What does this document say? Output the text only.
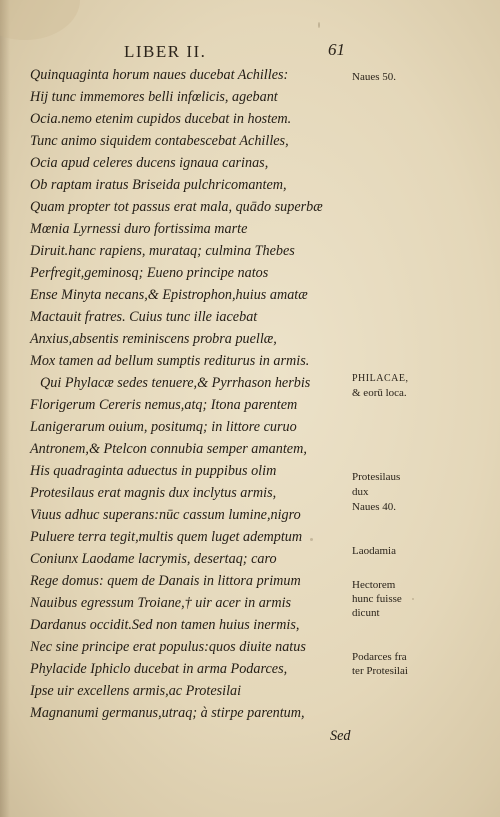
LIBER II.	61
Quinquaginta horum naues ducebat Achilles:
Hij tunc immemores belli infœlicis, agebant
Ocia.nemo etenim cupidos ducebat in hostem.
Tunc animo siquidem contabescebat Achilles,
Ocia apud celeres ducens ignaua carinas,
Ob raptam iratus Briseida pulchricomantem,
Quam propter tot passus erat mala, quādo superbæ
Mœnia Lyrnessi duro fortissima marte
Diruit.hanc rapiens, murataq; culmina Thebes
Perfregit,geminosq; Eueno principe natos
Ense Minyta necans,& Epistrophon,huius amatæ
Mactauit fratres. Cuius tunc ille iacebat
Anxius,absentis reminiscens probra puellæ,
Mox tamen ad bellum sumptis rediturus in armis.
Qui Phylacæ sedes tenuere,& Pyrrhason herbis
Florigerum Cereris nemus,atq; Itona parentem
Lanigerarum ouium, positumq; in littore curuo
Antronem,& Ptelcon connubia semper amantem,
His quadraginta aduectus in puppibus olim
Protesilaus erat magnis dux inclytus armis,
Viuus adhuc superans:nūc cassum lumine,nigro
Puluere terra tegit,multis quem luget ademptum
Coniunx Laodame lacrymis, desertaq; caro
Rege domus: quem de Danais in littora primum
Nauibus egressum Troiane,† uir acer in armis
Dardanus occidit.Sed non tamen huius inermis,
Nec sine principe erat populus:quos diuite natus
Phylacide Iphiclo ducebat in arma Podarces,
Ipse uir excellens armis,ac Protesilai
Magnanumi germanus,utraq; à stirpe parentum,
Sed
Naues 50.
PHILACAE,
& eorū loca.
Protesilaus
dux
Naues 40.
Laodamia
Hectorem
hunc fuisse
dicunt
Podarces fra
ter Protesilai
